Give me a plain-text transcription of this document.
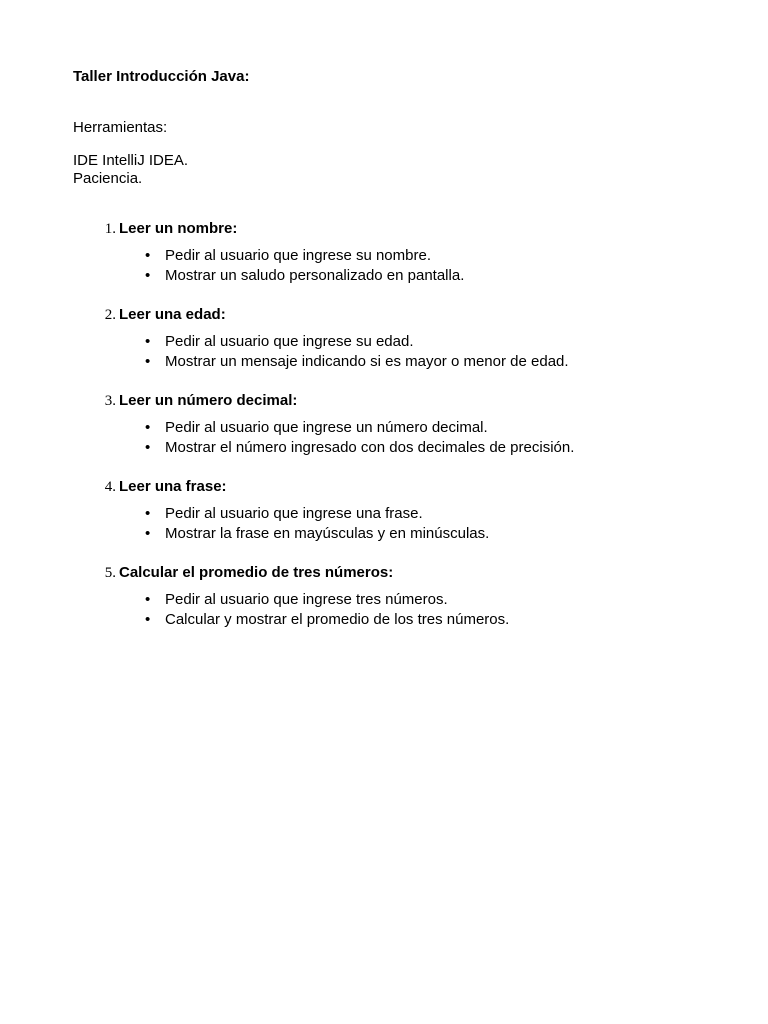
Taller Introducción Java:

Herramientas:

IDE IntelliJ IDEA.
Paciencia.
1. Leer un nombre:
• Pedir al usuario que ingrese su nombre.
• Mostrar un saludo personalizado en pantalla.
2. Leer una edad:
• Pedir al usuario que ingrese su edad.
• Mostrar un mensaje indicando si es mayor o menor de edad.
3. Leer un número decimal:
• Pedir al usuario que ingrese un número decimal.
• Mostrar el número ingresado con dos decimales de precisión.
4. Leer una frase:
• Pedir al usuario que ingrese una frase.
• Mostrar la frase en mayúsculas y en minúsculas.
5. Calcular el promedio de tres números:
• Pedir al usuario que ingrese tres números.
• Calcular y mostrar el promedio de los tres números.
